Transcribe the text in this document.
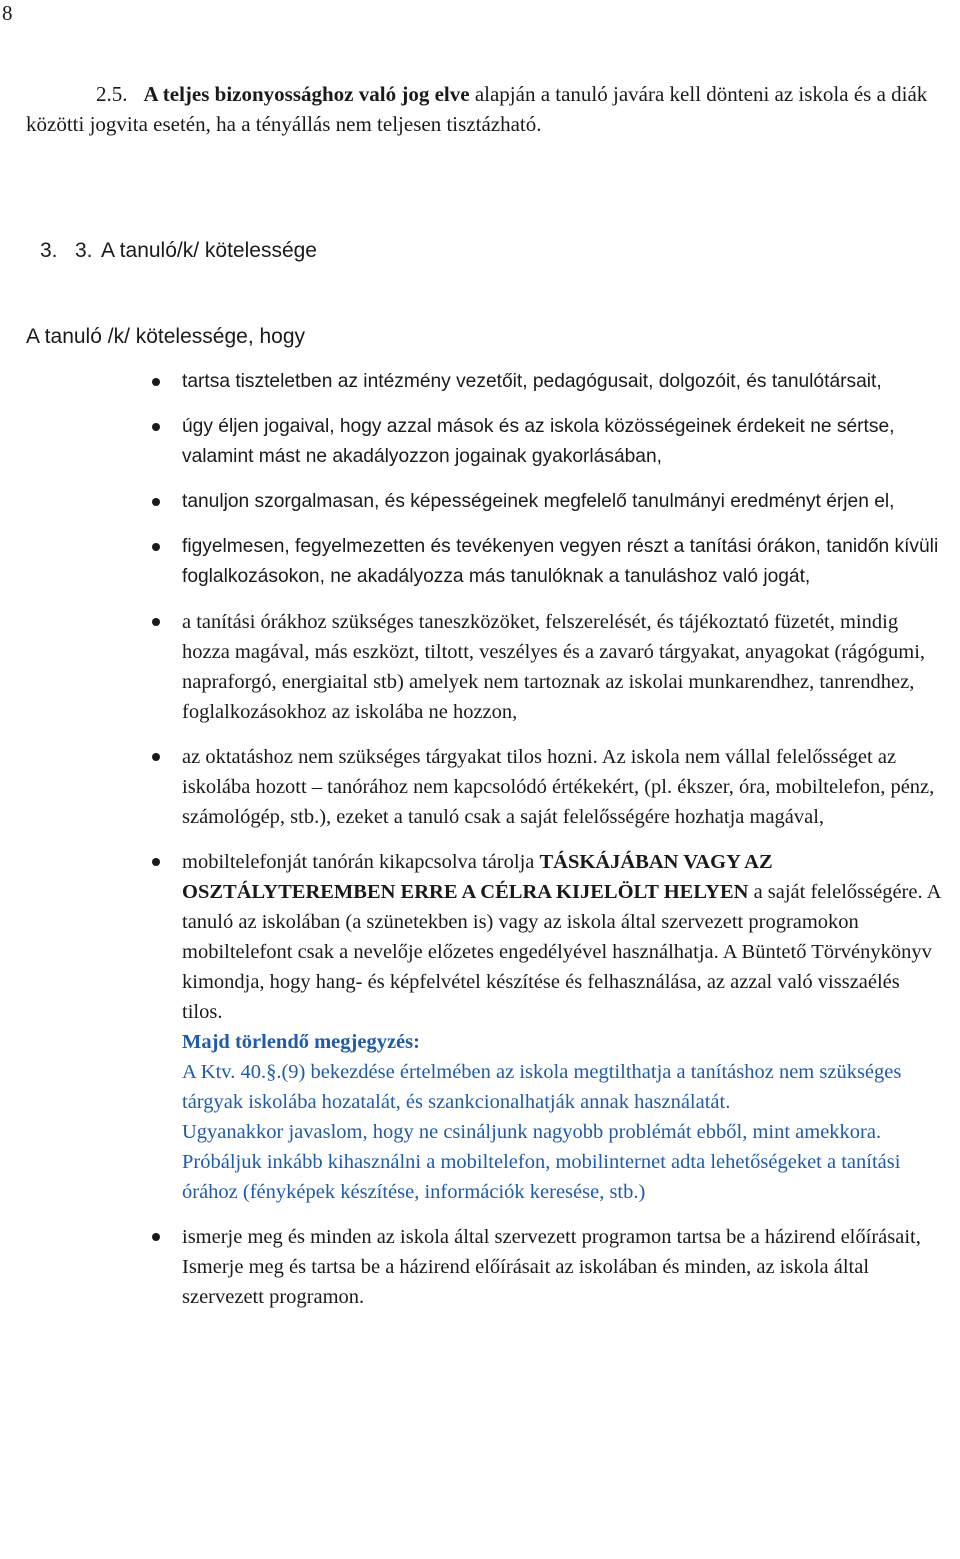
8

2.5. A teljes bizonyossághoz való jog elve alapján a tanuló javára kell dönteni az iskola és a diák közötti jogvita esetén, ha a tényállás nem teljesen tisztázható.

3. 3. A tanuló/k/ kötelessége

A tanuló /k/ kötelessége, hogy

tartsa tiszteletben az intézmény vezetőit, pedagógusait, dolgozóit, és tanulótársait,

úgy éljen jogaival, hogy azzal mások és az iskola közösségeinek érdekeit ne sértse, valamint mást ne akadályozzon jogainak gyakorlásában,

tanuljon szorgalmasan, és képességeinek megfelelő tanulmányi eredményt érjen el,

figyelmesen, fegyelmezetten és tevékenyen vegyen részt a tanítási órákon, tanidőn kívüli foglalkozásokon, ne akadályozza más tanulóknak a tanuláshoz való jogát,

a tanítási órákhoz szükséges taneszközöket, felszerelését, és tájékoztató füzetét, mindig hozza magával, más eszközt, tiltott, veszélyes és a zavaró tárgyakat, anyagokat (rágógumi, napraforgó, energiaital stb) amelyek nem tartoznak az iskolai munkarendhez, tanrendhez, foglalkozásokhoz az iskolába ne hozzon,

az oktatáshoz nem szükséges tárgyakat tilos hozni. Az iskola nem vállal felelősséget az iskolába hozott – tanórához nem kapcsolódó értékekért, (pl. ékszer, óra, mobiltelefon, pénz, számológép, stb.), ezeket a tanuló csak a saját felelősségére hozhatja magával,

mobiltelefonját tanórán kikapcsolva tárolja TÁSKÁJÁBAN VAGY AZ OSZTÁLYTEREMBEN ERRE A CÉLRA KIJELÖLT HELYEN a saját felelősségére. A tanuló az iskolában (a szünetekben is) vagy az iskola által szervezett programokon mobiltelefont csak a nevelője előzetes engedélyével használhatja. A Büntető Törvénykönyv kimondja, hogy hang- és képfelvétel készítése és felhasználása, az azzal való visszaélés tilos.

Majd törlendő megjegyzés:

A Ktv. 40.§.(9) bekezdése értelmében az iskola megtilthatja a tanításhoz nem szükséges tárgyak iskolába hozatalát, és szankcionalhatják annak használatát.

Ugyanakkor javaslom, hogy ne csináljunk nagyobb problémát ebből, mint amekkora. Próbáljuk inkább kihasználni a mobiltelefon, mobilinternet adta lehetőségeket a tanítási órához (fényképek készítése, információk keresése, stb.)

ismerje meg és minden az iskola által szervezett programon tartsa be a házirend előírásait,

Ismerje meg és tartsa be a házirend előírásait az iskolában és minden, az iskola által szervezett programon.
